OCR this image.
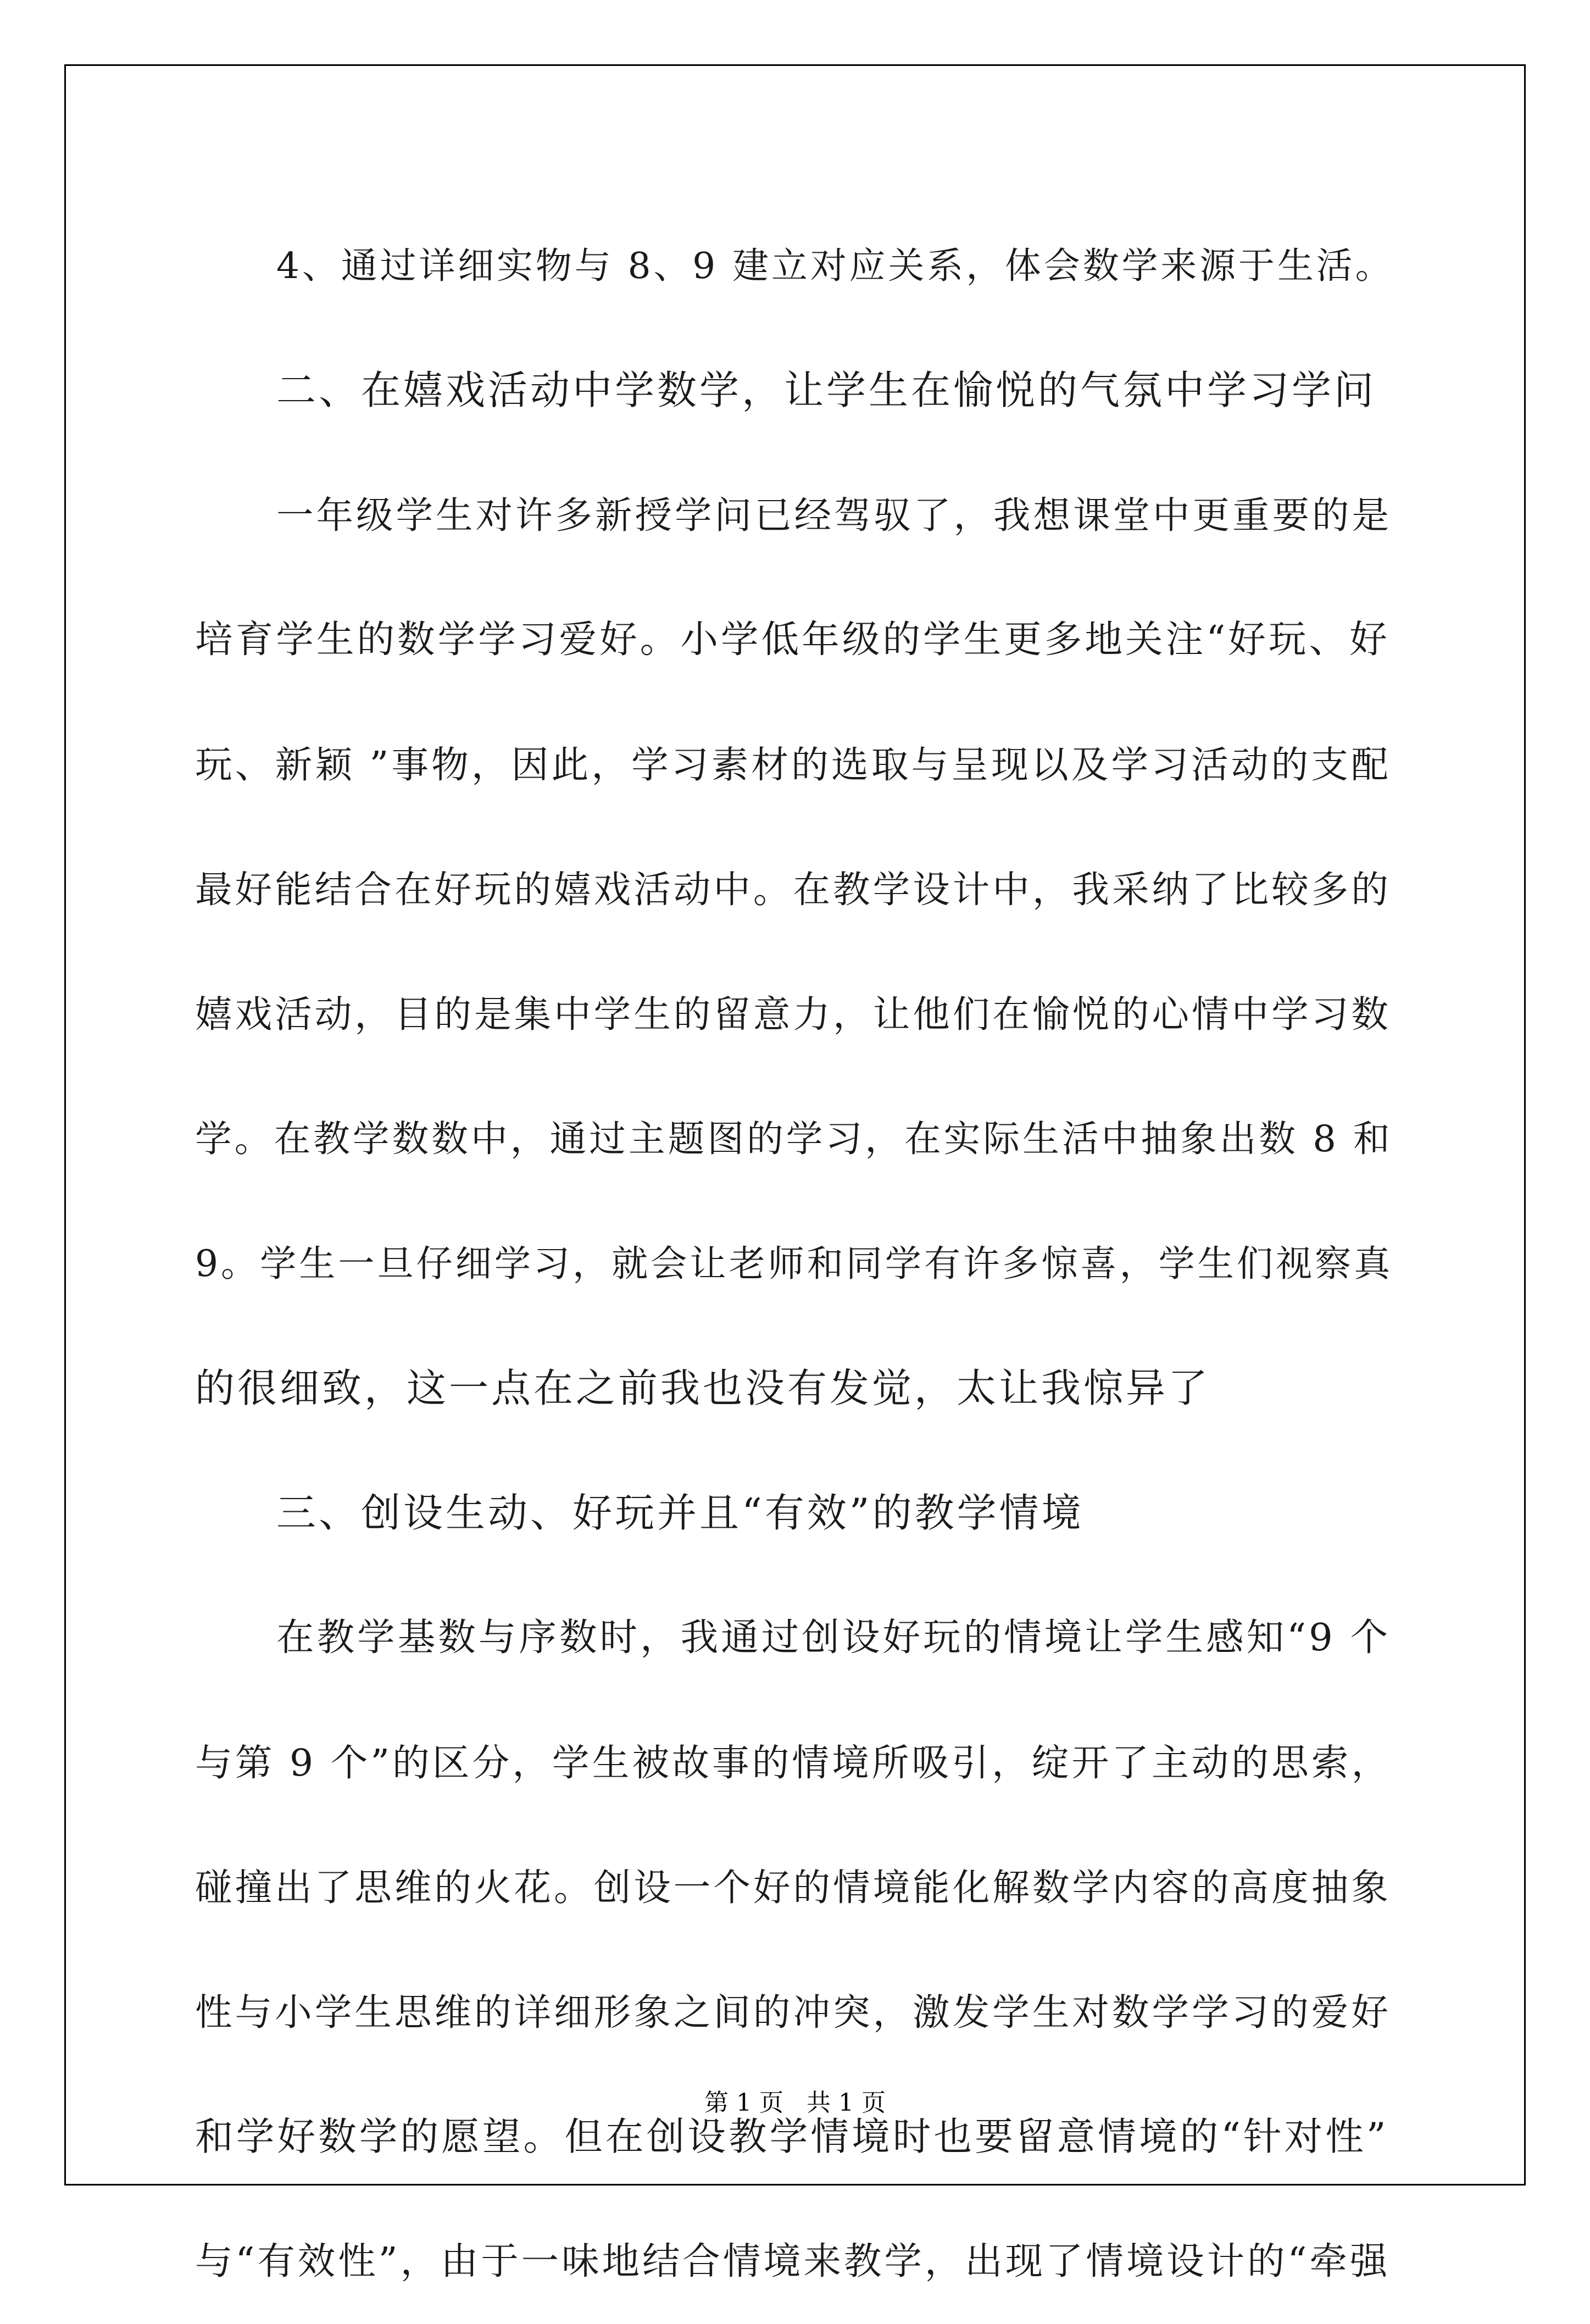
4、通过详细实物与 8、9 建立对应关系，体会数学来源于生活。
二、在嬉戏活动中学数学，让学生在愉悦的气氛中学习学问
一年级学生对许多新授学问已经驾驭了，我想课堂中更重要的是
培育学生的数学学习爱好。小学低年级的学生更多地关注“好玩、好
玩、新颖 ”事物，因此，学习素材的选取与呈现以及学习活动的支配
最好能结合在好玩的嬉戏活动中。在教学设计中，我采纳了比较多的
嬉戏活动，目的是集中学生的留意力，让他们在愉悦的心情中学习数
学。在教学数数中，通过主题图的学习，在实际生活中抽象出数 8 和
9。学生一旦仔细学习，就会让老师和同学有许多惊喜，学生们视察真
的很细致，这一点在之前我也没有发觉，太让我惊异了
三、创设生动、好玩并且“有效”的教学情境
在教学基数与序数时，我通过创设好玩的情境让学生感知“9 个
与第 9 个”的区分，学生被故事的情境所吸引，绽开了主动的思索，
碰撞出了思维的火花。创设一个好的情境能化解数学内容的高度抽象
性与小学生思维的详细形象之间的冲突，激发学生对数学学习的爱好
和学好数学的愿望。但在创设教学情境时也要留意情境的“针对性”
与“有效性”，由于一味地结合情境来教学，出现了情境设计的“牵强
第 1 页   共 1 页
